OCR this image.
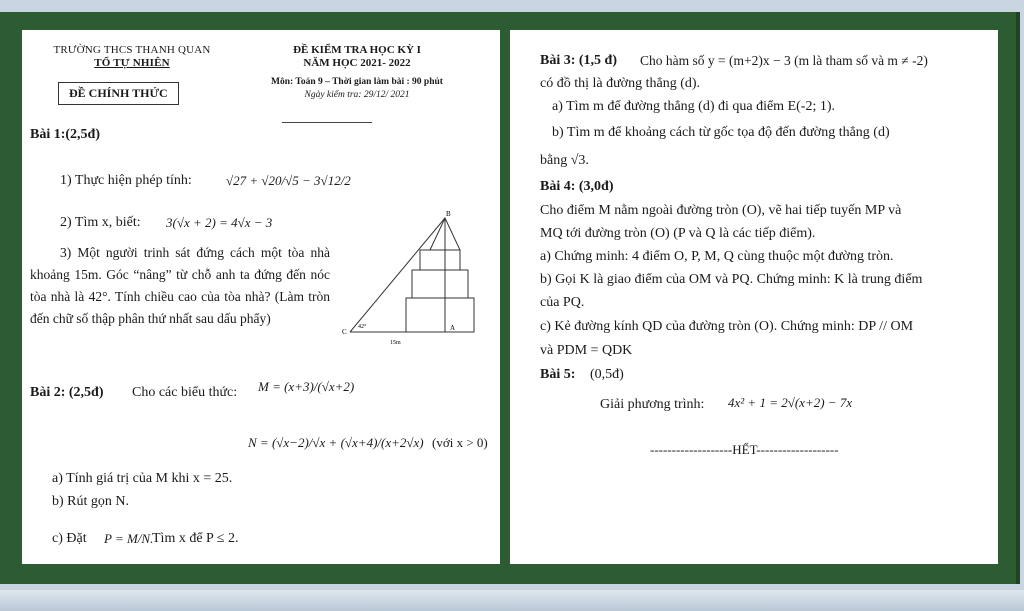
TRƯỜNG THCS THANH QUAN
TỔ TỰ NHIÊN
ĐỀ CHÍNH THỨC
ĐỀ KIỂM TRA HỌC KỲ I
NĂM HỌC 2021- 2022
Môn: Toán 9 – Thời gian làm bài : 90 phút
Ngày kiểm tra: 29/12/ 2021
Bài 1:(2,5đ)
1) Thực hiện phép tính:	√27 + √20/√5 − 3√12/2
2) Tìm x, biết: 3(√x + 2) = 4√x − 3
3) Một người trinh sát đứng cách một tòa nhà khoảng 15m. Góc “nâng” từ chỗ anh ta đứng đến nóc tòa nhà là 42°. Tính chiều cao của tòa nhà? (Làm tròn đến chữ số thập phân thứ nhất sau dấu phẩy)
B
C	A
42°
15m
Bài 2: (2,5đ) Cho các biểu thức: M = (x+3)/(√x+2)
N = (√x−2)/√x + (√x+4)/(x+2√x) (với x > 0)
a) Tính giá trị của M khi x = 25.
b) Rút gọn N.
c) Đặt P = M/N.
Tìm x để P ≤ 2.
Bài 3: (1,5 đ) Cho hàm số y = (m+2)x − 3 (m là tham số và m ≠ -2)
có đồ thị là đường thẳng (d).
a) Tìm m để đường thẳng (d) đi qua điểm E(-2; 1).
b) Tìm m để khoảng cách từ gốc tọa độ đến đường thẳng (d)
bằng √3.
Bài 4: (3,0đ)
Cho điểm M nằm ngoài đường tròn (O), vẽ hai tiếp tuyến MP và
MQ tới đường tròn (O) (P và Q là các tiếp điểm).
a) Chứng minh: 4 điểm O, P, M, Q cùng thuộc một đường tròn.
b) Gọi K là giao điểm của OM và PQ. Chứng minh: K là trung điểm
của PQ.
c) Kẻ đường kính QD của đường tròn (O). Chứng minh: DP // OM
và PDM = QDK
Bài 5: (0,5đ)
Giải phương trình: 4x² + 1 = 2√(x+2) − 7x
-------------------HẾT-------------------
